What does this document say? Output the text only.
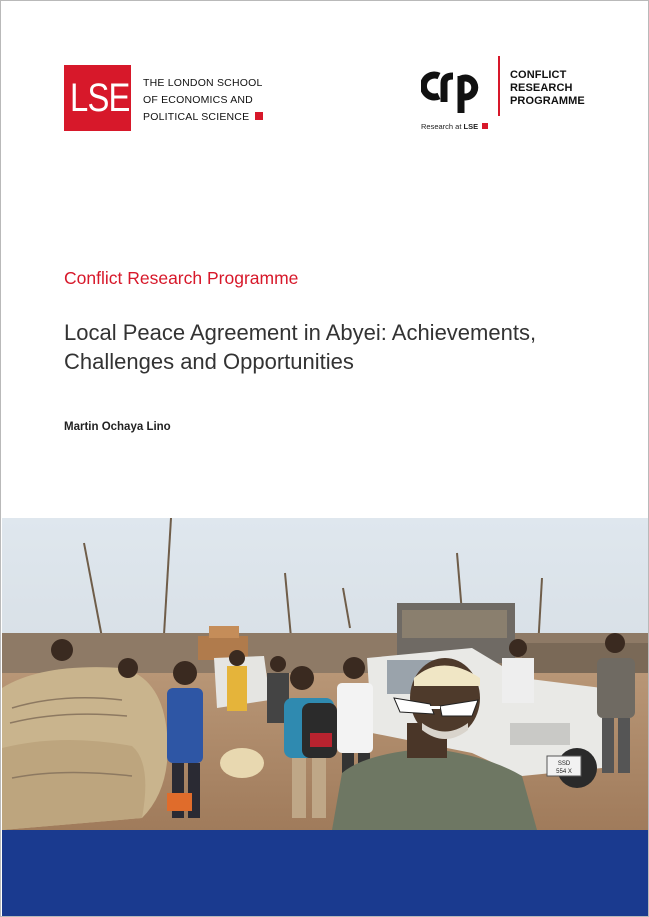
LSE THE LONDON SCHOOL
OF ECONOMICS AND
POLITICAL SCIENCE
CONFLICT
RESEARCH
PROGRAMME
Research at LSE
Conflict Research Programme
Local Peace Agreement in Abyei: Achievements, Challenges and Opportunities
Martin Ochaya Lino
SSD
554 X
